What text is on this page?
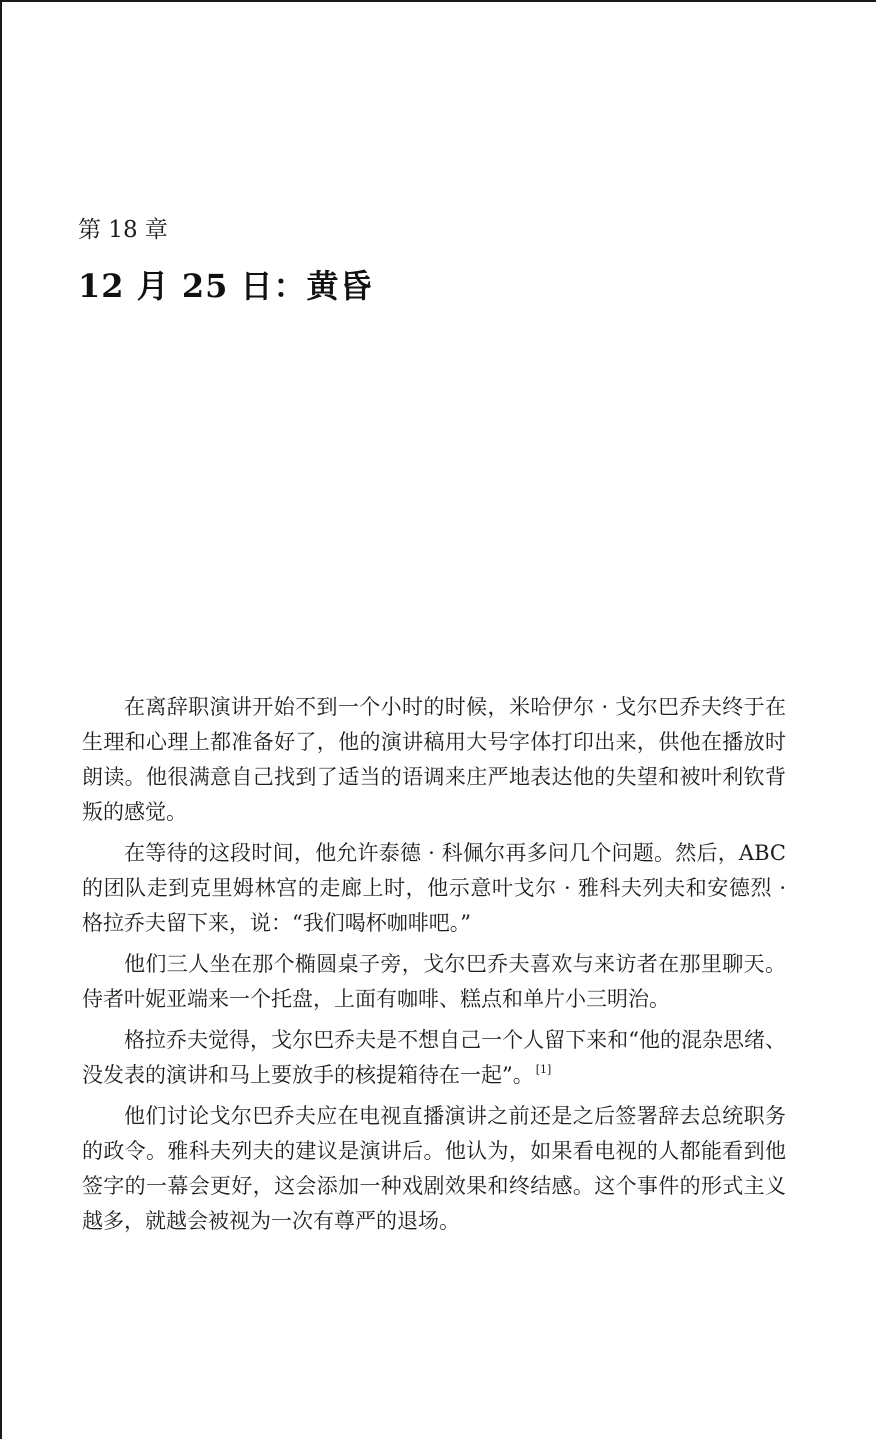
第 18 章
12 月 25 日：黄昏

在离辞职演讲开始不到一个小时的时候，米哈伊尔 · 戈尔巴乔夫终于在生理和心理上都准备好了，他的演讲稿用大号字体打印出来，供他在播放时朗读。他很满意自己找到了适当的语调来庄严地表达他的失望和被叶利钦背叛的感觉。

在等待的这段时间，他允许泰德 · 科佩尔再多问几个问题。然后，ABC 的团队走到克里姆林宫的走廊上时，他示意叶戈尔 · 雅科夫列夫和安德烈 · 格拉乔夫留下来，说：“我们喝杯咖啡吧。”

他们三人坐在那个椭圆桌子旁，戈尔巴乔夫喜欢与来访者在那里聊天。侍者叶妮亚端来一个托盘，上面有咖啡、糕点和单片小三明治。

格拉乔夫觉得，戈尔巴乔夫是不想自己一个人留下来和“他的混杂思绪、没发表的演讲和马上要放手的核提箱待在一起”。 [1]

他们讨论戈尔巴乔夫应在电视直播演讲之前还是之后签署辞去总统职务的政令。雅科夫列夫的建议是演讲后。他认为，如果看电视的人都能看到他签字的一幕会更好，这会添加一种戏剧效果和终结感。这个事件的形式主义越多，就越会被视为一次有尊严的退场。
